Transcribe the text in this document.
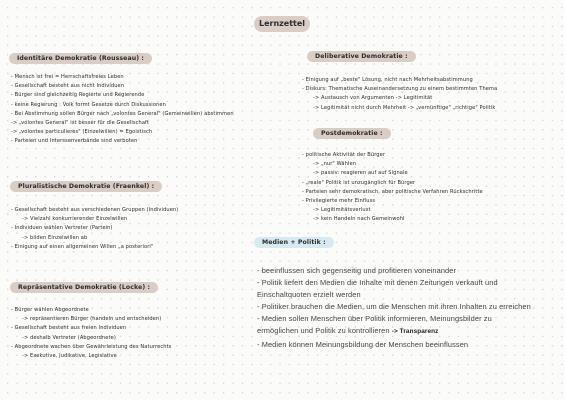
Lernzettel
Identitäre Demokratie (Rousseau) :
- Mensch ist frei = Herrschaftsfreies Leben
- Gesellschaft besteht aus nicht Individuen
- Bürger sind gleichzeitig Regierte und Regierende
- keine Regierung : Volk formt Gesetze durch Diskussionen
- Bei Abstimmung sollen Bürger nach „volontes General" (Gemeinwillen) abstimmen
-> „volontes General" ist besser für die Gesellschaft
-> „volontes particulieres" (Einzelwillen) = Egoistisch
- Parteien und Interssenverbände sind verboten
Pluralistische Demokratie (Fraenkel) :
- Gesellschaft besteht aus verschiedenen Gruppen (Individuen)
-> Vielzahl konkurrierender Einzelwillen
- Individuen wählen Vertreter (Partein)
-> bilden Einzelwillen ab
- Einigung auf einen allgemeinen Willen „a posteriori"
Repräsentative Demokratie (Locke) :
- Bürger wählen Abgeordnete
-> repräsentieren Bürger (handeln und entscheiden)
- Gesellschaft besteht aus freien Individuen
-> deshalb Vertreter (Abgeordnete)
- Abgeordnete wachen über Gewährleistung des Naturrechts
-> Exekutive, Judikative, Legislative
Deliberative Demokratie :
- Einigung auf „beste" Lösung, nicht nach Mehrheitsabstimmung
- Diskurs: Thematische Auseinandersetzung zu einem bestimmten Thema
-> Austausch von Argumenten -> Legitimität
-> Legitimität nicht durch Mehrheit -> „vernünftige" „richtige" Politik
Postdemokratie :
- politische Aktivität der Bürger
-> „nur" Wählen
-> passiv: reagieren auf auf Signale
- „reale" Politik ist unzugänglich für Bürger
- Parteien sehr demokratisch, aber politische Verfahren Rückschritte
- Privilegierte mehr Einfluss
-> Legitimitätsverlust
-> kein Handeln nach Gemeinwohl
Medien + Politik :
- beeinflussen sich gegenseitig und profitieren voneinander
- Politik liefert den Medien die Inhalte mit denen Zeitungen verkauft und
Einschaltquoten erzielt werden
- Politiker brauchen die Medien, um die Menschen mit ihren Inhalten zu erreichen
- Medien sollen Menschen über Politik informieren, Meinungsbilder zu
ermöglichen und Politik zu kontrollieren -> Transparenz
- Medien können Meinungsbildung der Menschen beeinflussen
